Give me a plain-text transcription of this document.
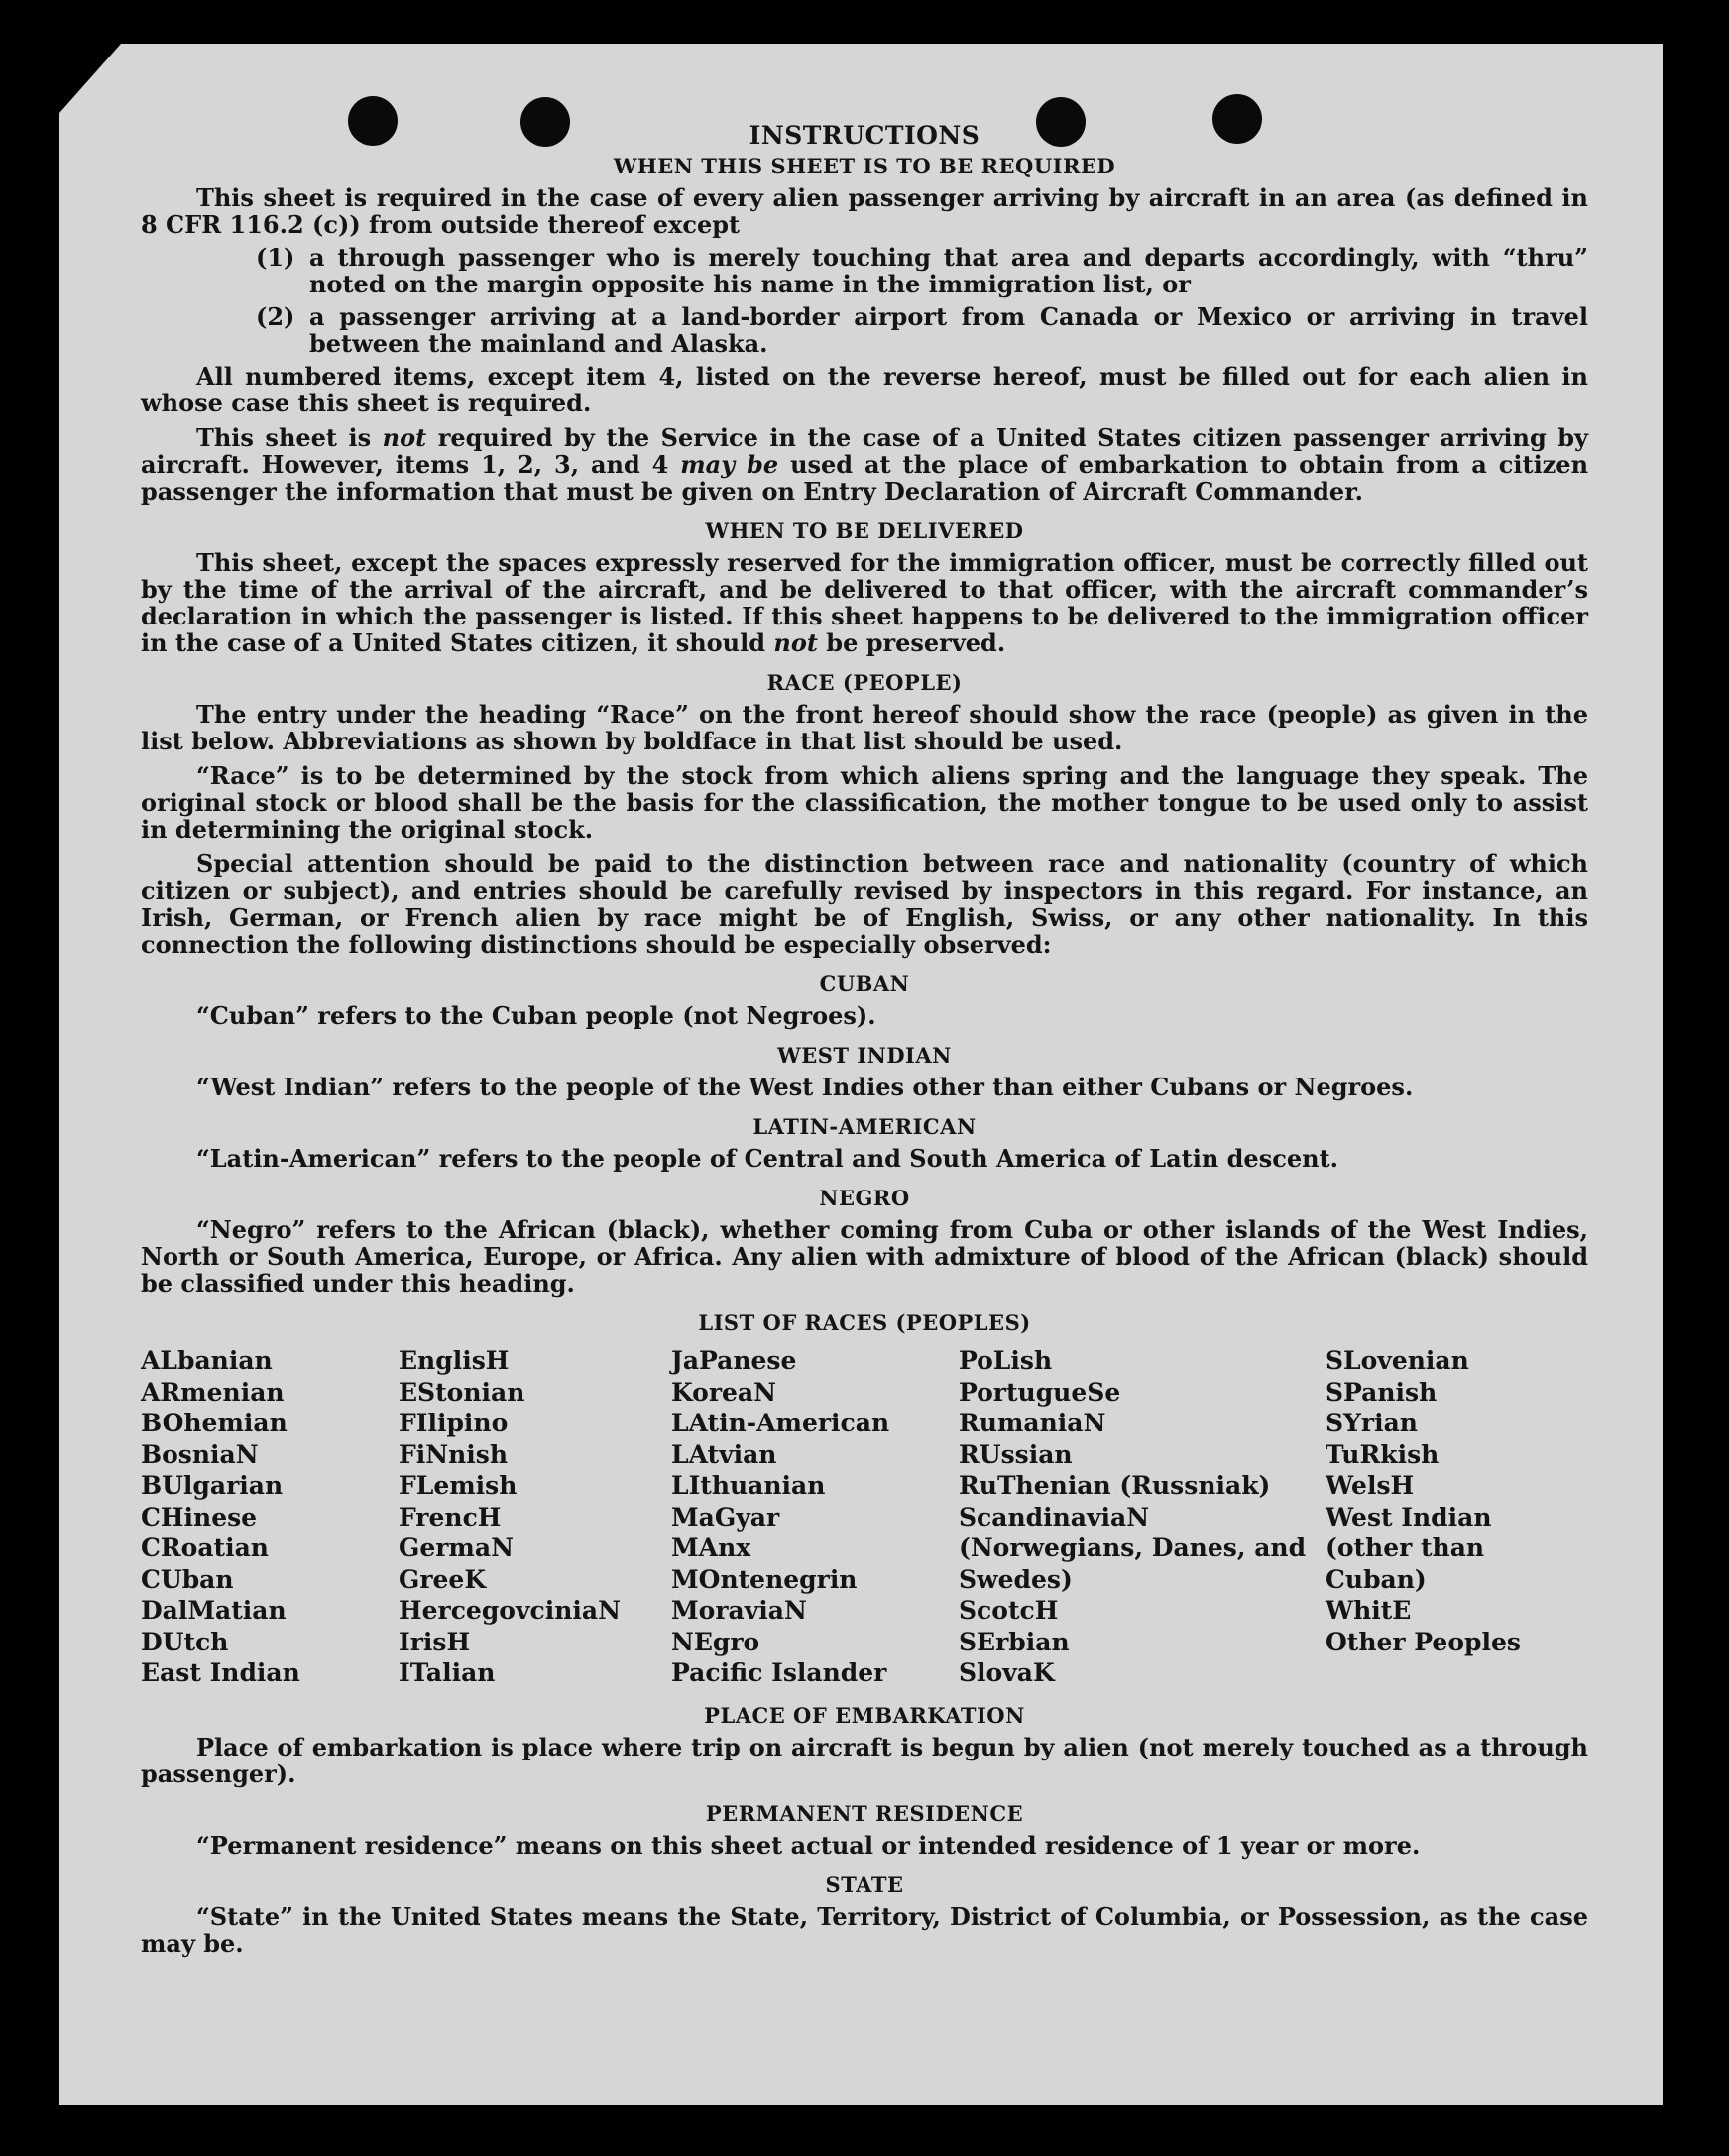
INSTRUCTIONS
WHEN THIS SHEET IS TO BE REQUIRED

This sheet is required in the case of every alien passenger arriving by aircraft in an area (as defined in 8 CFR 116.2 (c)) from outside thereof except

(1) a through passenger who is merely touching that area and departs accordingly, with “thru” noted on the margin opposite his name in the immigration list, or
(2) a passenger arriving at a land-border airport from Canada or Mexico or arriving in travel between the mainland and Alaska.

All numbered items, except item 4, listed on the reverse hereof, must be filled out for each alien in whose case this sheet is required.

This sheet is not required by the Service in the case of a United States citizen passenger arriving by aircraft. However, items 1, 2, 3, and 4 may be used at the place of embarkation to obtain from a citizen passenger the information that must be given on Entry Declaration of Aircraft Commander.

WHEN TO BE DELIVERED

This sheet, except the spaces expressly reserved for the immigration officer, must be correctly filled out by the time of the arrival of the aircraft, and be delivered to that officer, with the aircraft commander’s declaration in which the passenger is listed. If this sheet happens to be delivered to the immigration officer in the case of a United States citizen, it should not be preserved.

RACE (PEOPLE)

The entry under the heading “Race” on the front hereof should show the race (people) as given in the list below. Abbreviations as shown by boldface in that list should be used.

“Race” is to be determined by the stock from which aliens spring and the language they speak. The original stock or blood shall be the basis for the classification, the mother tongue to be used only to assist in determining the original stock.

Special attention should be paid to the distinction between race and nationality (country of which citizen or subject), and entries should be carefully revised by inspectors in this regard. For instance, an Irish, German, or French alien by race might be of English, Swiss, or any other nationality. In this connection the following distinctions should be especially observed:

CUBAN

“Cuban” refers to the Cuban people (not Negroes).

WEST INDIAN

“West Indian” refers to the people of the West Indies other than either Cubans or Negroes.

LATIN-AMERICAN

“Latin-American” refers to the people of Central and South America of Latin descent.

NEGRO

“Negro” refers to the African (black), whether coming from Cuba or other islands of the West Indies, North or South America, Europe, or Africa. Any alien with admixture of blood of the African (black) should be classified under this heading.

LIST OF RACES (PEOPLES)
ALbanian
ARmenian
BOhemian
BosniaN
BUlgarian
CHinese
CRoatian
CUban
DalMatian
DUtch
East Indian
EnglisH
EStonian
FIlipino
FiNnish
FLemish
FrencH
GermaN
GreeK
HercegovciniaN
IrisH
ITalian
JaPanese
KoreaN
LAtin-American
LAtvian
LIthuanian
MaGyar
MAnx
MOntenegrin
MoraviaN
NEgro
Pacific Islander
PoLish
PortugueSe
RumaniaN
RUssian
RuThenian (Russniak)
ScandinaviaN (Norwegians, Danes, and Swedes)
ScotcH
SErbian
SlovaK
SLovenian
SPanish
SYrian
TuRkish
WelsH
West Indian (other than Cuban)
WhitE
Other Peoples
PLACE OF EMBARKATION

Place of embarkation is place where trip on aircraft is begun by alien (not merely touched as a through passenger).

PERMANENT RESIDENCE

“Permanent residence” means on this sheet actual or intended residence of 1 year or more.

STATE

“State” in the United States means the State, Territory, District of Columbia, or Possession, as the case may be.
